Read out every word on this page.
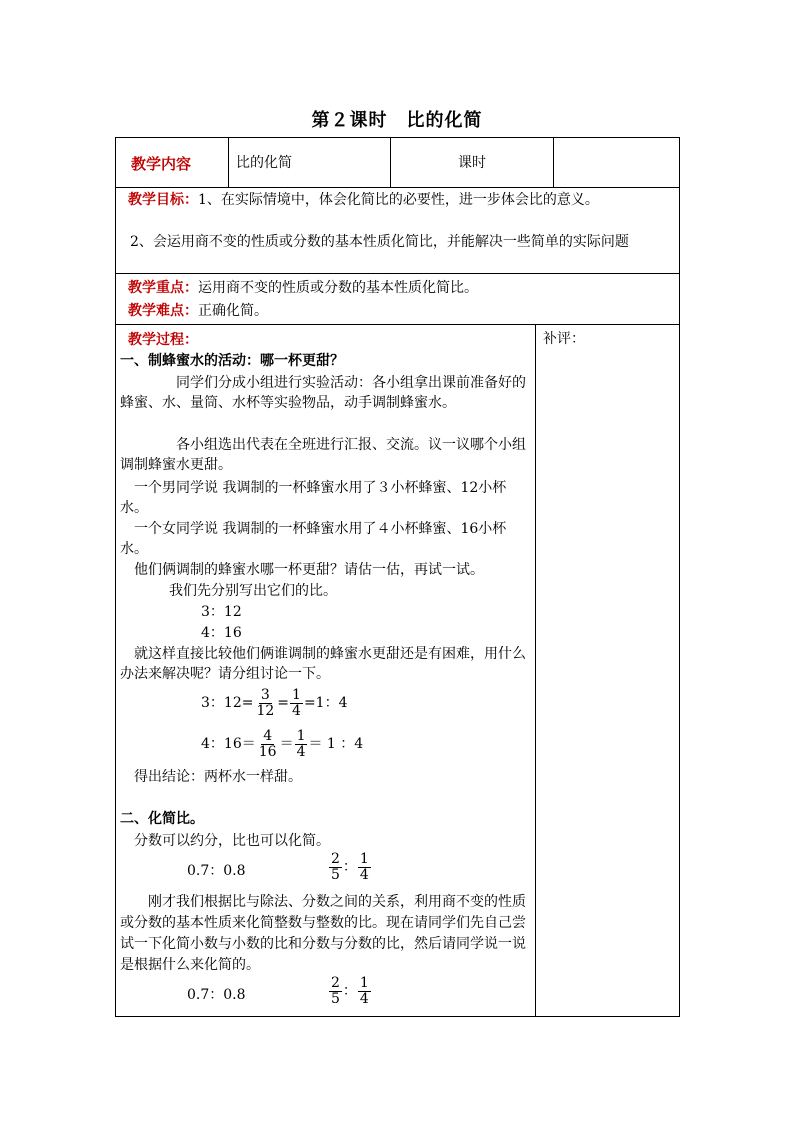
第２课时　比的化简
教学内容	比的化简	课时
教学目标：1、在实际情境中，体会化简比的必要性，进一步体会比的意义。
2、会运用商不变的性质或分数的基本性质化简比，并能解决一些简单的实际问题
教学重点：运用商不变的性质或分数的基本性质化简比。
教学难点：正确化简。
补评：
教学过程：
一、制蜂蜜水的活动：哪一杯更甜？
同学们分成小组进行实验活动：各小组拿出课前准备好的蜂蜜、水、量筒、水杯等实验物品，动手调制蜂蜜水。
各小组选出代表在全班进行汇报、交流。议一议哪个小组调制蜂蜜水更甜。
一个男同学说 我调制的一杯蜂蜜水用了３小杯蜂蜜、12小杯水。
一个女同学说 我调制的一杯蜂蜜水用了４小杯蜂蜜、16小杯水。
他们俩调制的蜂蜜水哪一杯更甜？请估一估，再试一试。
我们先分别写出它们的比。
3：12
4：16
就这样直接比较他们俩谁调制的蜂蜜水更甜还是有困难，用什么办法来解决呢？请分组讨论一下。
3：$12= \frac{3}{12} = \frac{1}{4} =1$：4
4：$16= \frac{4}{16} = \frac{1}{4} = 1$ ：4
得出结论：两杯水一样甜。
二、化简比。
分数可以约分，比也可以化简。
0.7：0.8	$\frac{2}{5}$ ： $\frac{1}{4}$
刚才我们根据比与除法、分数之间的关系，利用商不变的性质或分数的基本性质来化简整数与整数的比。现在请同学们先自己尝试一下化简小数与小数的比和分数与分数的比，然后请同学说一说是根据什么来化简的。
0.7：0.8	$\frac{2}{5}$ ： $\frac{1}{4}$
